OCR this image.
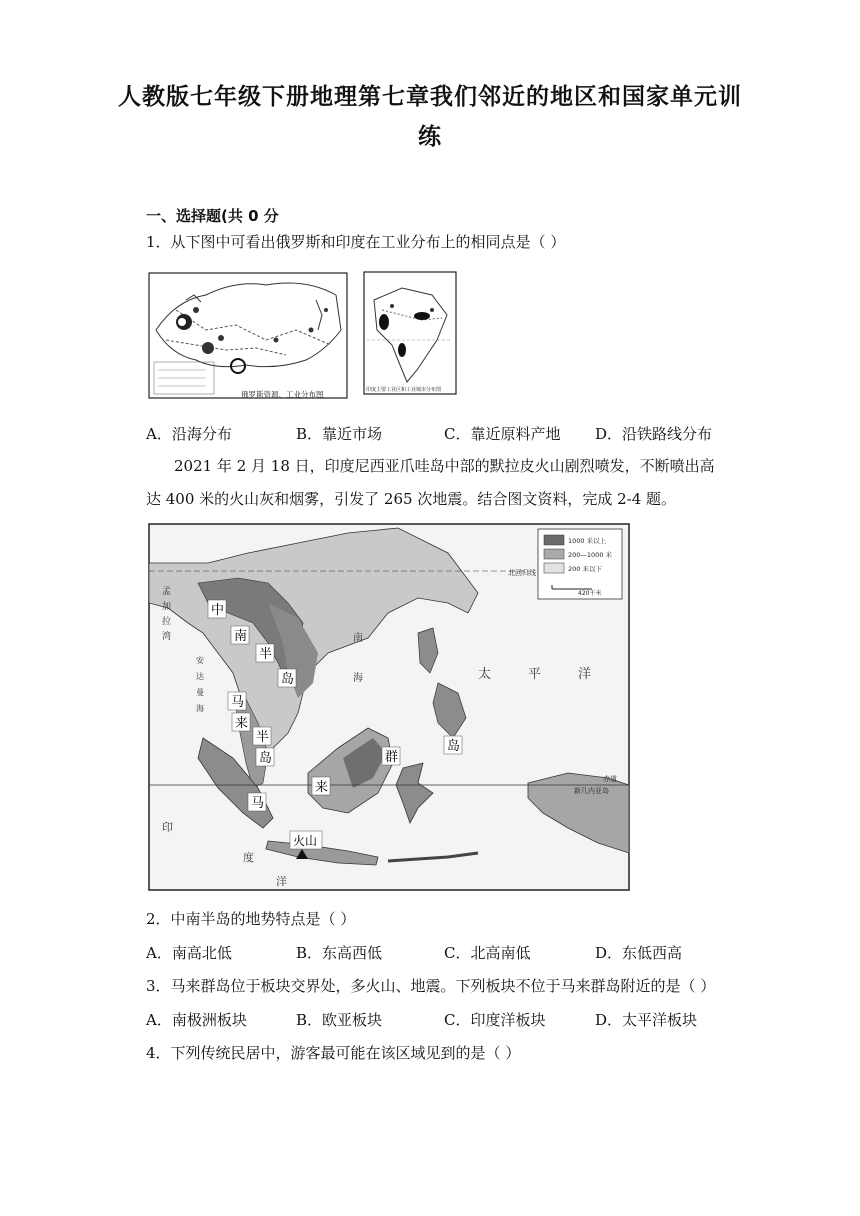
人教版七年级下册地理第七章我们邻近的地区和国家单元训
练
一、选择题(共 0 分
1．从下图中可看出俄罗斯和印度在工业分布上的相同点是（ ）
俄罗斯资源、工业分布图	印度主要工业区和工业城市分布图
A．沿海分布	B．靠近市场	C．靠近原料产地 D．沿铁路线分布
2021 年 2 月 18 日，印度尼西亚爪哇岛中部的默拉皮火山剧烈喷发，不断喷出高达 400 米的火山灰和烟雾，引发了 265 次地震。结合图文资料，完成 2-4 题。
北回归线
赤道
1000 米以上
200—1000 米
200 米以下
420千米
中
南
半
岛
马
来
半
岛
马
来
群
岛
火山
孟
加
拉
湾
安
达
曼
海
南
海	太	平	洋
印
度
洋
新几内亚岛
2．中南半岛的地势特点是（ ）
A．南高北低	B．东高西低	C．北高南低	D．东低西高
3．马来群岛位于板块交界处，多火山、地震。下列板块不位于马来群岛附近的是（ ）
A．南极洲板块	B．欧亚板块	C．印度洋板块	D．太平洋板块
4．下列传统民居中，游客最可能在该区域见到的是（ ）
